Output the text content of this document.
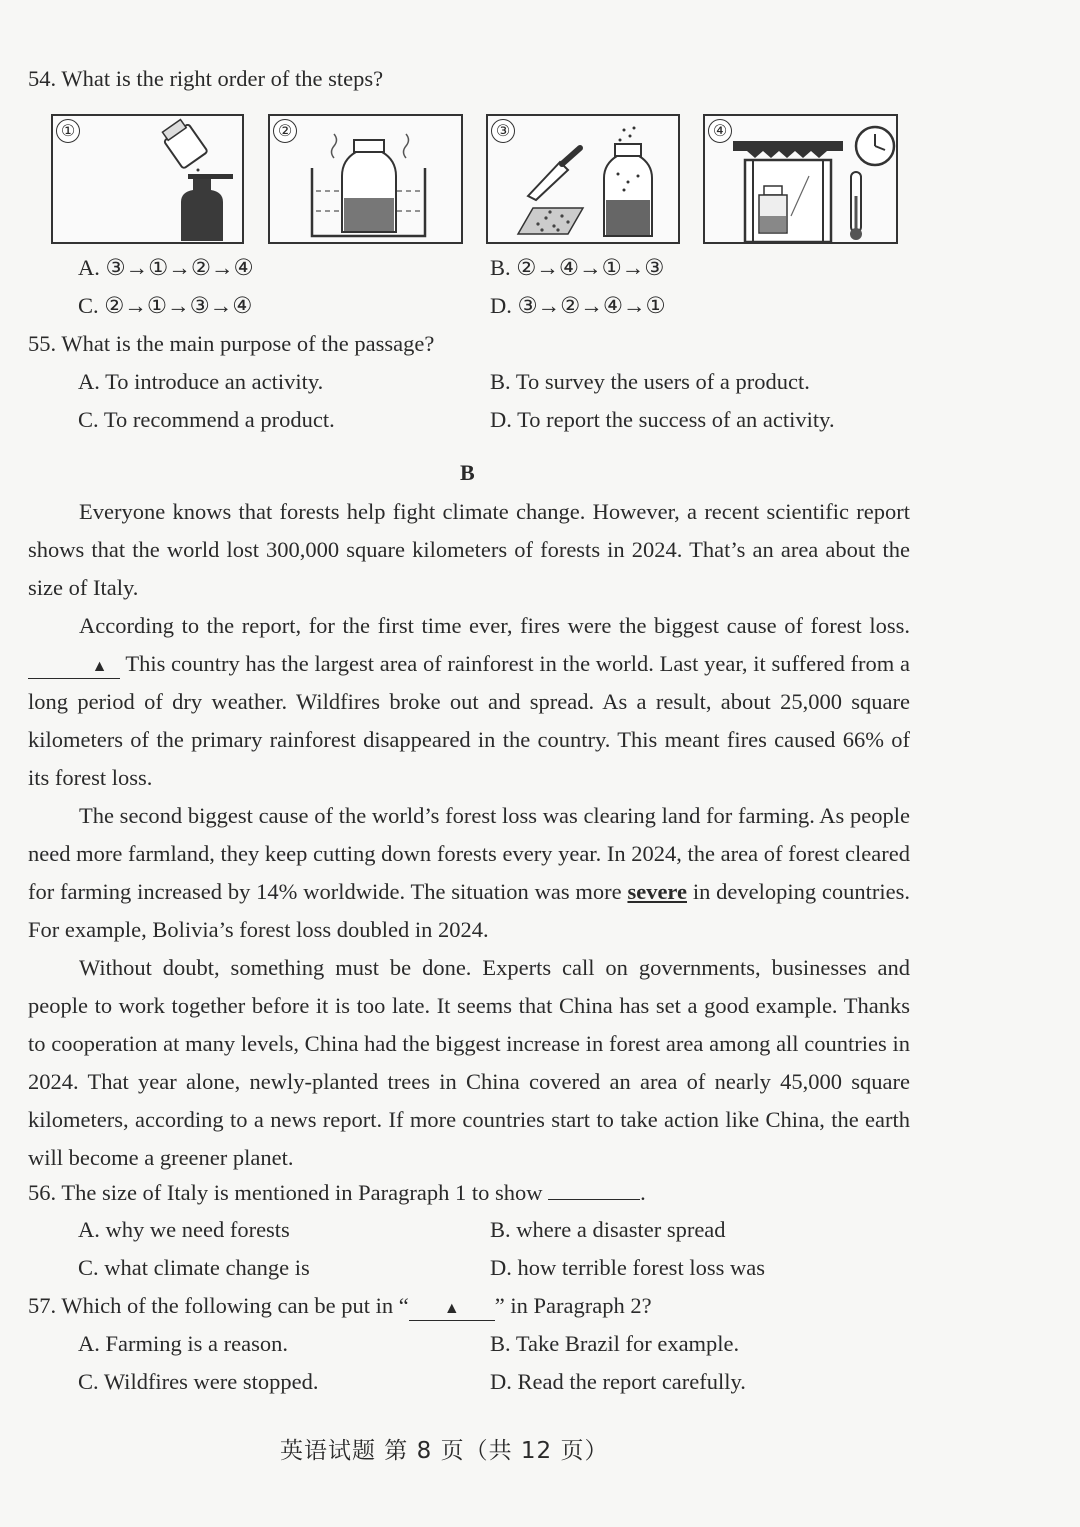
54. What is the right order of the steps?
①	②	③	④
A. ③→①→②→④	B. ②→④→①→③
C. ②→①→③→④	D. ③→②→④→①
55. What is the main purpose of the passage?
A. To introduce an activity.	B. To survey the users of a product.
C. To recommend a product.	D. To report the success of an activity.
B

Everyone knows that forests help fight climate change. However, a recent scientific report shows that the world lost 300,000 square kilometers of forests in 2024. That’s an area about the size of Italy.

According to the report, for the first time ever, fires were the biggest cause of forest loss. ▲ This country has the largest area of rainforest in the world. Last year, it suffered from a long period of dry weather. Wildfires broke out and spread. As a result, about 25,000 square kilometers of the primary rainforest disappeared in the country. This meant fires caused 66% of its forest loss.

The second biggest cause of the world’s forest loss was clearing land for farming. As people need more farmland, they keep cutting down forests every year. In 2024, the area of forest cleared for farming increased by 14% worldwide. The situation was more severe in developing countries. For example, Bolivia’s forest loss doubled in 2024.

Without doubt, something must be done. Experts call on governments, businesses and people to work together before it is too late. It seems that China has set a good example. Thanks to cooperation at many levels, China had the biggest increase in forest area among all countries in 2024. That year alone, newly-planted trees in China covered an area of nearly 45,000 square kilometers, according to a news report. If more countries start to take action like China, the earth will become a greener planet.

56. The size of Italy is mentioned in Paragraph 1 to show	.
A. why we need forests	B. where a disaster spread
C. what climate change is	D. how terrible forest loss was
57. Which of the following can be put in “ ▲ ” in Paragraph 2?
A. Farming is a reason.	B. Take Brazil for example.
C. Wildfires were stopped.	D. Read the report carefully.
英语试题 第 8 页（共 12 页）
